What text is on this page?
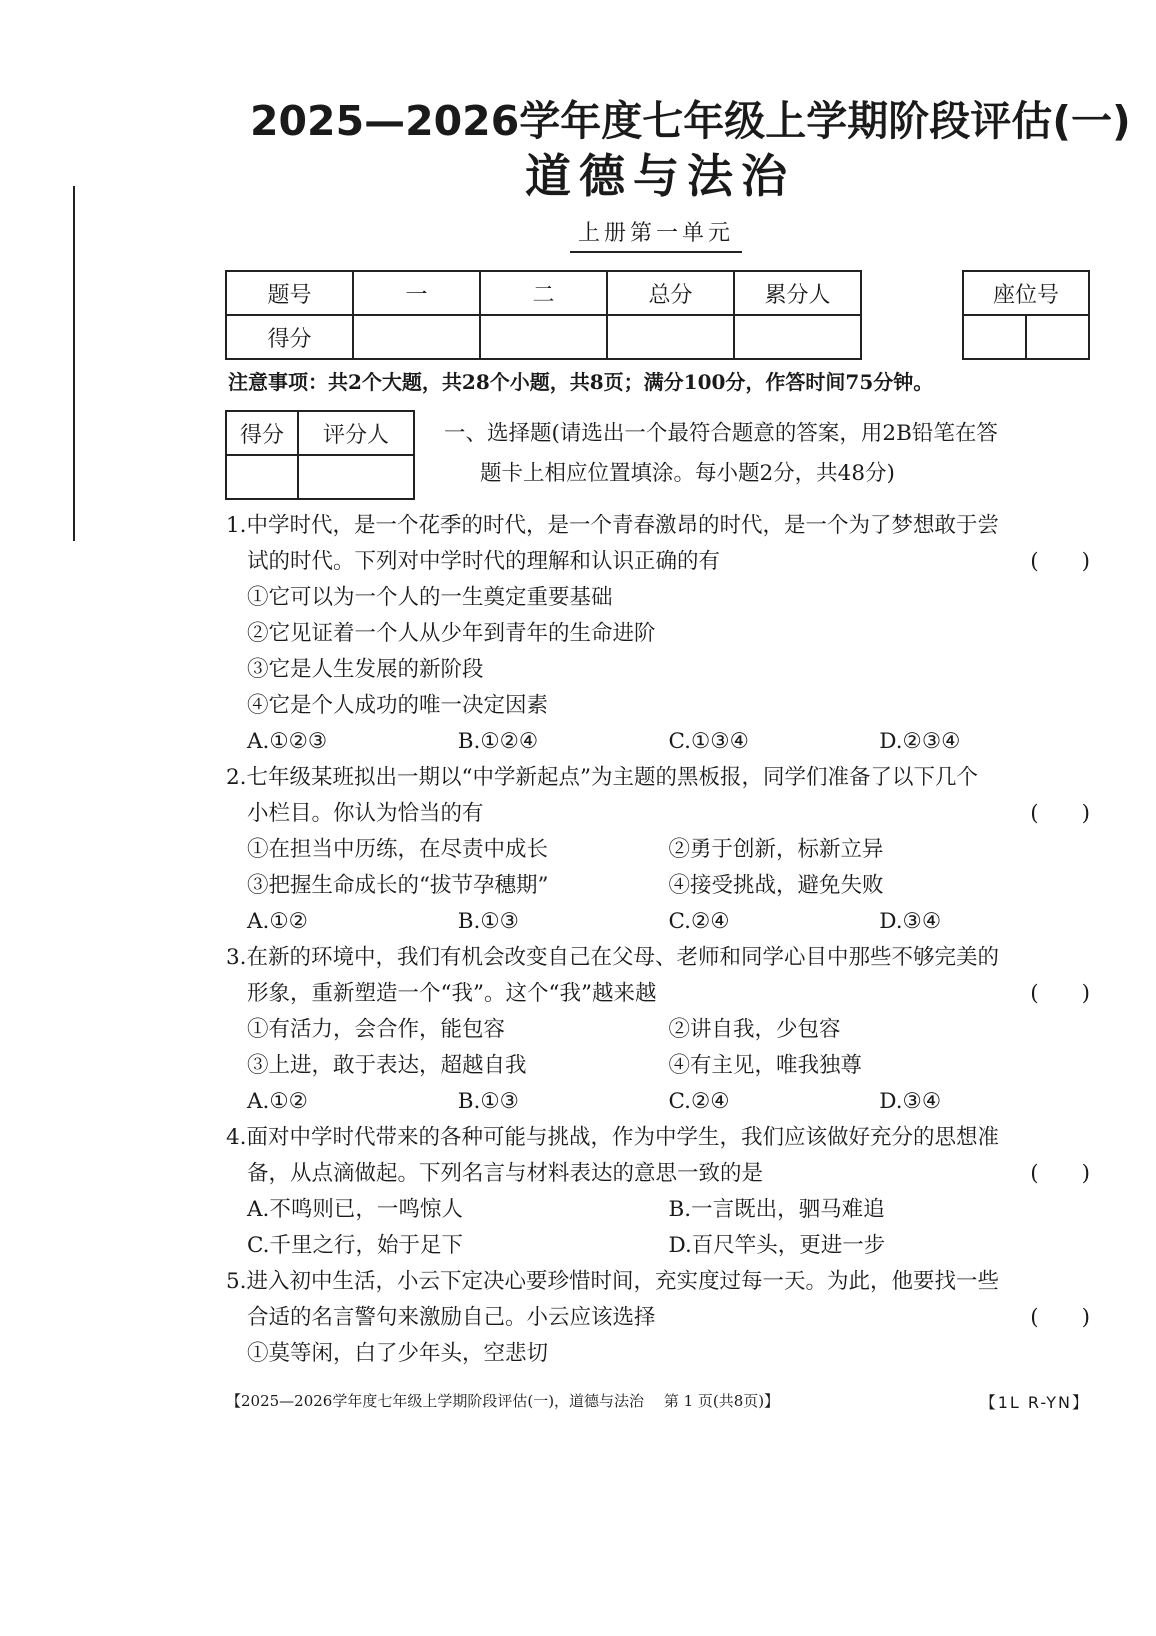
2025—2026学年度七年级上学期阶段评估(一)
道德与法治
上册第一单元
题号	一	二	总分	累分人
得分				
座位号

注意事项：共2个大题，共28个小题，共8页；满分100分，作答时间75分钟。
得分	评分人
		一、选择题(请选出一个最符合题意的答案，用2B铅笔在答
题卡上相应位置填涂。每小题2分，共48分)
1.中学时代，是一个花季的时代，是一个青春激昂的时代，是一个为了梦想敢于尝
试的时代。下列对中学时代的理解和认识正确的有	(　　)
①它可以为一个人的一生奠定重要基础
②它见证着一个人从少年到青年的生命进阶
③它是人生发展的新阶段
④它是个人成功的唯一决定因素
A.①②③	B.①②④	C.①③④	D.②③④
2.七年级某班拟出一期以“中学新起点”为主题的黑板报，同学们准备了以下几个
小栏目。你认为恰当的有	(　　)
①在担当中历练，在尽责中成长	②勇于创新，标新立异
③把握生命成长的“拔节孕穗期”	④接受挑战，避免失败
A.①②	B.①③	C.②④	D.③④
3.在新的环境中，我们有机会改变自己在父母、老师和同学心目中那些不够完美的
形象，重新塑造一个“我”。这个“我”越来越	(　　)
①有活力，会合作，能包容	②讲自我，少包容
③上进，敢于表达，超越自我	④有主见，唯我独尊
A.①②	B.①③	C.②④	D.③④
4.面对中学时代带来的各种可能与挑战，作为中学生，我们应该做好充分的思想准
备，从点滴做起。下列名言与材料表达的意思一致的是	(　　)
A.不鸣则已，一鸣惊人	B.一言既出，驷马难追
C.千里之行，始于足下	D.百尺竿头，更进一步
5.进入初中生活，小云下定决心要珍惜时间，充实度过每一天。为此，他要找一些
合适的名言警句来激励自己。小云应该选择	(　　)
①莫等闲，白了少年头，空悲切
【2025—2026学年度七年级上学期阶段评估(一)，道德与法治　 第 1 页(共8页)】	【1L R-YN】
